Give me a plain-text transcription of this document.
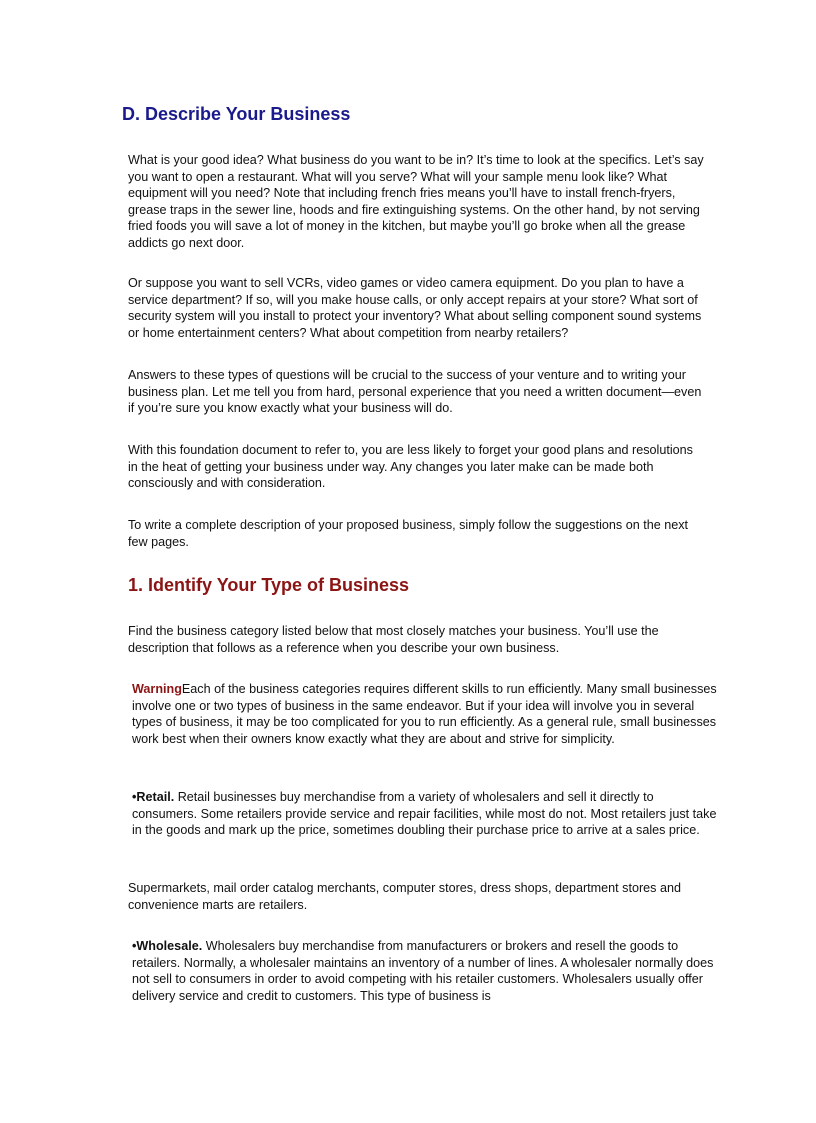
D. Describe Your Business

What is your good idea? What business do you want to be in? It’s time to look at the specifics. Let’s say you want to open a restaurant. What will you serve? What will your sample menu look like? What equipment will you need? Note that including french fries means you’ll have to install french-fryers, grease traps in the sewer line, hoods and fire extinguishing systems. On the other hand, by not serving fried foods you will save a lot of money in the kitchen, but maybe you’ll go broke when all the grease addicts go next door.

Or suppose you want to sell VCRs, video games or video camera equipment. Do you plan to have a service department? If so, will you make house calls, or only accept repairs at your store? What sort of security system will you install to protect your inventory? What about selling component sound systems or home entertainment centers? What about competition from nearby retailers?

Answers to these types of questions will be crucial to the success of your venture and to writing your business plan. Let me tell you from hard, personal experience that you need a written document—even if you’re sure you know exactly what your business will do.

With this foundation document to refer to, you are less likely to forget your good plans and resolutions in the heat of getting your business under way. Any changes you later make can be made both consciously and with consideration.

To write a complete description of your proposed business, simply follow the suggestions on the next few pages.

1. Identify Your Type of Business

Find the business category listed below that most closely matches your business. You’ll use the description that follows as a reference when you describe your own business.

WarningEach of the business categories requires different skills to run efficiently. Many small businesses involve one or two types of business in the same endeavor. But if your idea will involve you in several types of business, it may be too complicated for you to run efficiently. As a general rule, small businesses work best when their owners know exactly what they are about and strive for simplicity.

•Retail. Retail businesses buy merchandise from a variety of wholesalers and sell it directly to consumers. Some retailers provide service and repair facilities, while most do not. Most retailers just take in the goods and mark up the price, sometimes doubling their purchase price to arrive at a sales price.

Supermarkets, mail order catalog merchants, computer stores, dress shops, department stores and convenience marts are retailers.

•Wholesale. Wholesalers buy merchandise from manufacturers or brokers and resell the goods to retailers. Normally, a wholesaler maintains an inventory of a number of lines. A wholesaler normally does not sell to consumers in order to avoid competing with his retailer customers. Wholesalers usually offer delivery service and credit to customers. This type of business is
